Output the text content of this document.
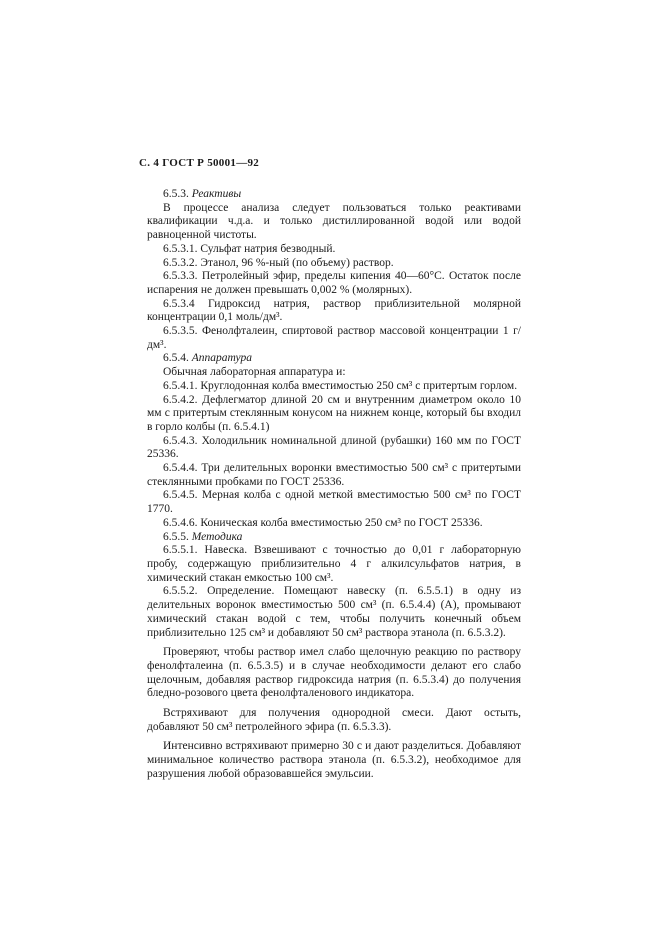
С. 4 ГОСТ Р 50001—92

6.5.3. Реактивы

В процессе анализа следует пользоваться только реактивами квалификации ч.д.а. и только дистиллированной водой или водой равноценной чистоты.

6.5.3.1. Сульфат натрия безводный.

6.5.3.2. Этанол, 96 %-ный (по объему) раствор.

6.5.3.3. Петролейный эфир, пределы кипения 40—60°С. Остаток после испарения не должен превышать 0,002 % (молярных).

6.5.3.4 Гидроксид натрия, раствор приблизительной молярной концентрации 0,1 моль/дм³.

6.5.3.5. Фенолфталеин, спиртовой раствор массовой концентрации 1 г/дм³.

6.5.4. Аппаратура

Обычная лабораторная аппаратура и:

6.5.4.1. Круглодонная колба вместимостью 250 см³ с притертым горлом.

6.5.4.2. Дефлегматор длиной 20 см и внутренним диаметром около 10 мм с притертым стеклянным конусом на нижнем конце, который бы входил в горло колбы (п. 6.5.4.1)

6.5.4.3. Холодильник номинальной длиной (рубашки) 160 мм по ГОСТ 25336.

6.5.4.4. Три делительных воронки вместимостью 500 см³ с притертыми стеклянными пробками по ГОСТ 25336.

6.5.4.5. Мерная колба с одной меткой вместимостью 500 см³ по ГОСТ 1770.

6.5.4.6. Коническая колба вместимостью 250 см³ по ГОСТ 25336.

6.5.5. Методика

6.5.5.1. Навеска. Взвешивают с точностью до 0,01 г лабораторную пробу, содержащую приблизительно 4 г алкилсульфатов натрия, в химический стакан емкостью 100 см³.

6.5.5.2. Определение. Помещают навеску (п. 6.5.5.1) в одну из делительных воронок вместимостью 500 см³ (п. 6.5.4.4) (А), промывают химический стакан водой с тем, чтобы получить конечный объем приблизительно 125 см³ и добавляют 50 см³ раствора этанола (п. 6.5.3.2).

Проверяют, чтобы раствор имел слабо щелочную реакцию по раствору фенолфталеина (п. 6.5.3.5) и в случае необходимости делают его слабо щелочным, добавляя раствор гидроксида натрия (п. 6.5.3.4) до получения бледно-розового цвета фенолфталенового индикатора.

Встряхивают для получения однородной смеси. Дают остыть, добавляют 50 см³ петролейного эфира (п. 6.5.3.3).

Интенсивно встряхивают примерно 30 с и дают разделиться. Добавляют минимальное количество раствора этанола (п. 6.5.3.2), необходимое для разрушения любой образовавшейся эмульсии.
